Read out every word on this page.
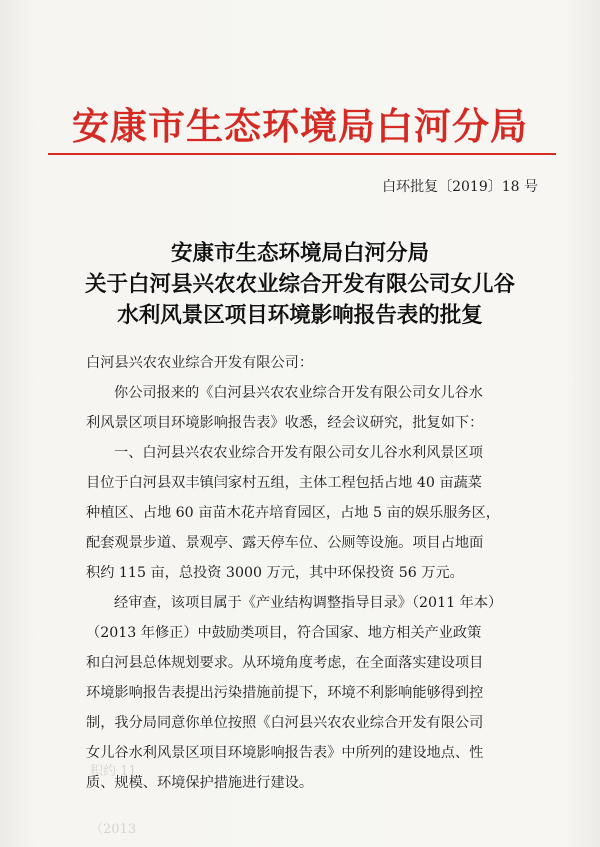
安康市生态环境局白河分局
白环批复〔2019〕18 号
安康市生态环境局白河分局
关于白河县兴农农业综合开发有限公司女儿谷
水利风景区项目环境影响报告表的批复
白河县兴农农业综合开发有限公司：
你公司报来的《白河县兴农农业综合开发有限公司女儿谷水
利风景区项目环境影响报告表》收悉，经会议研究，批复如下：
一、白河县兴农农业综合开发有限公司女儿谷水利风景区项
目位于白河县双丰镇闫家村五组，主体工程包括占地 40 亩蔬菜
种植区、占地 60 亩苗木花卉培育园区，占地 5 亩的娱乐服务区，
配套观景步道、景观亭、露天停车位、公厕等设施。项目占地面
积约 115 亩，总投资 3000 万元，其中环保投资 56 万元。
经审查，该项目属于《产业结构调整指导目录》（2011 年本）
（2013 年修正）中鼓励类项目，符合国家、地方相关产业政策
和白河县总体规划要求。从环境角度考虑，在全面落实建设项目
环境影响报告表提出污染措施前提下，环境不利影响能够得到控
制，我分局同意你单位按照《白河县兴农农业综合开发有限公司
女儿谷水利风景区项目环境影响报告表》中所列的建设地点、性
质、规模、环境保护措施进行建设。
积约 11
（2013
